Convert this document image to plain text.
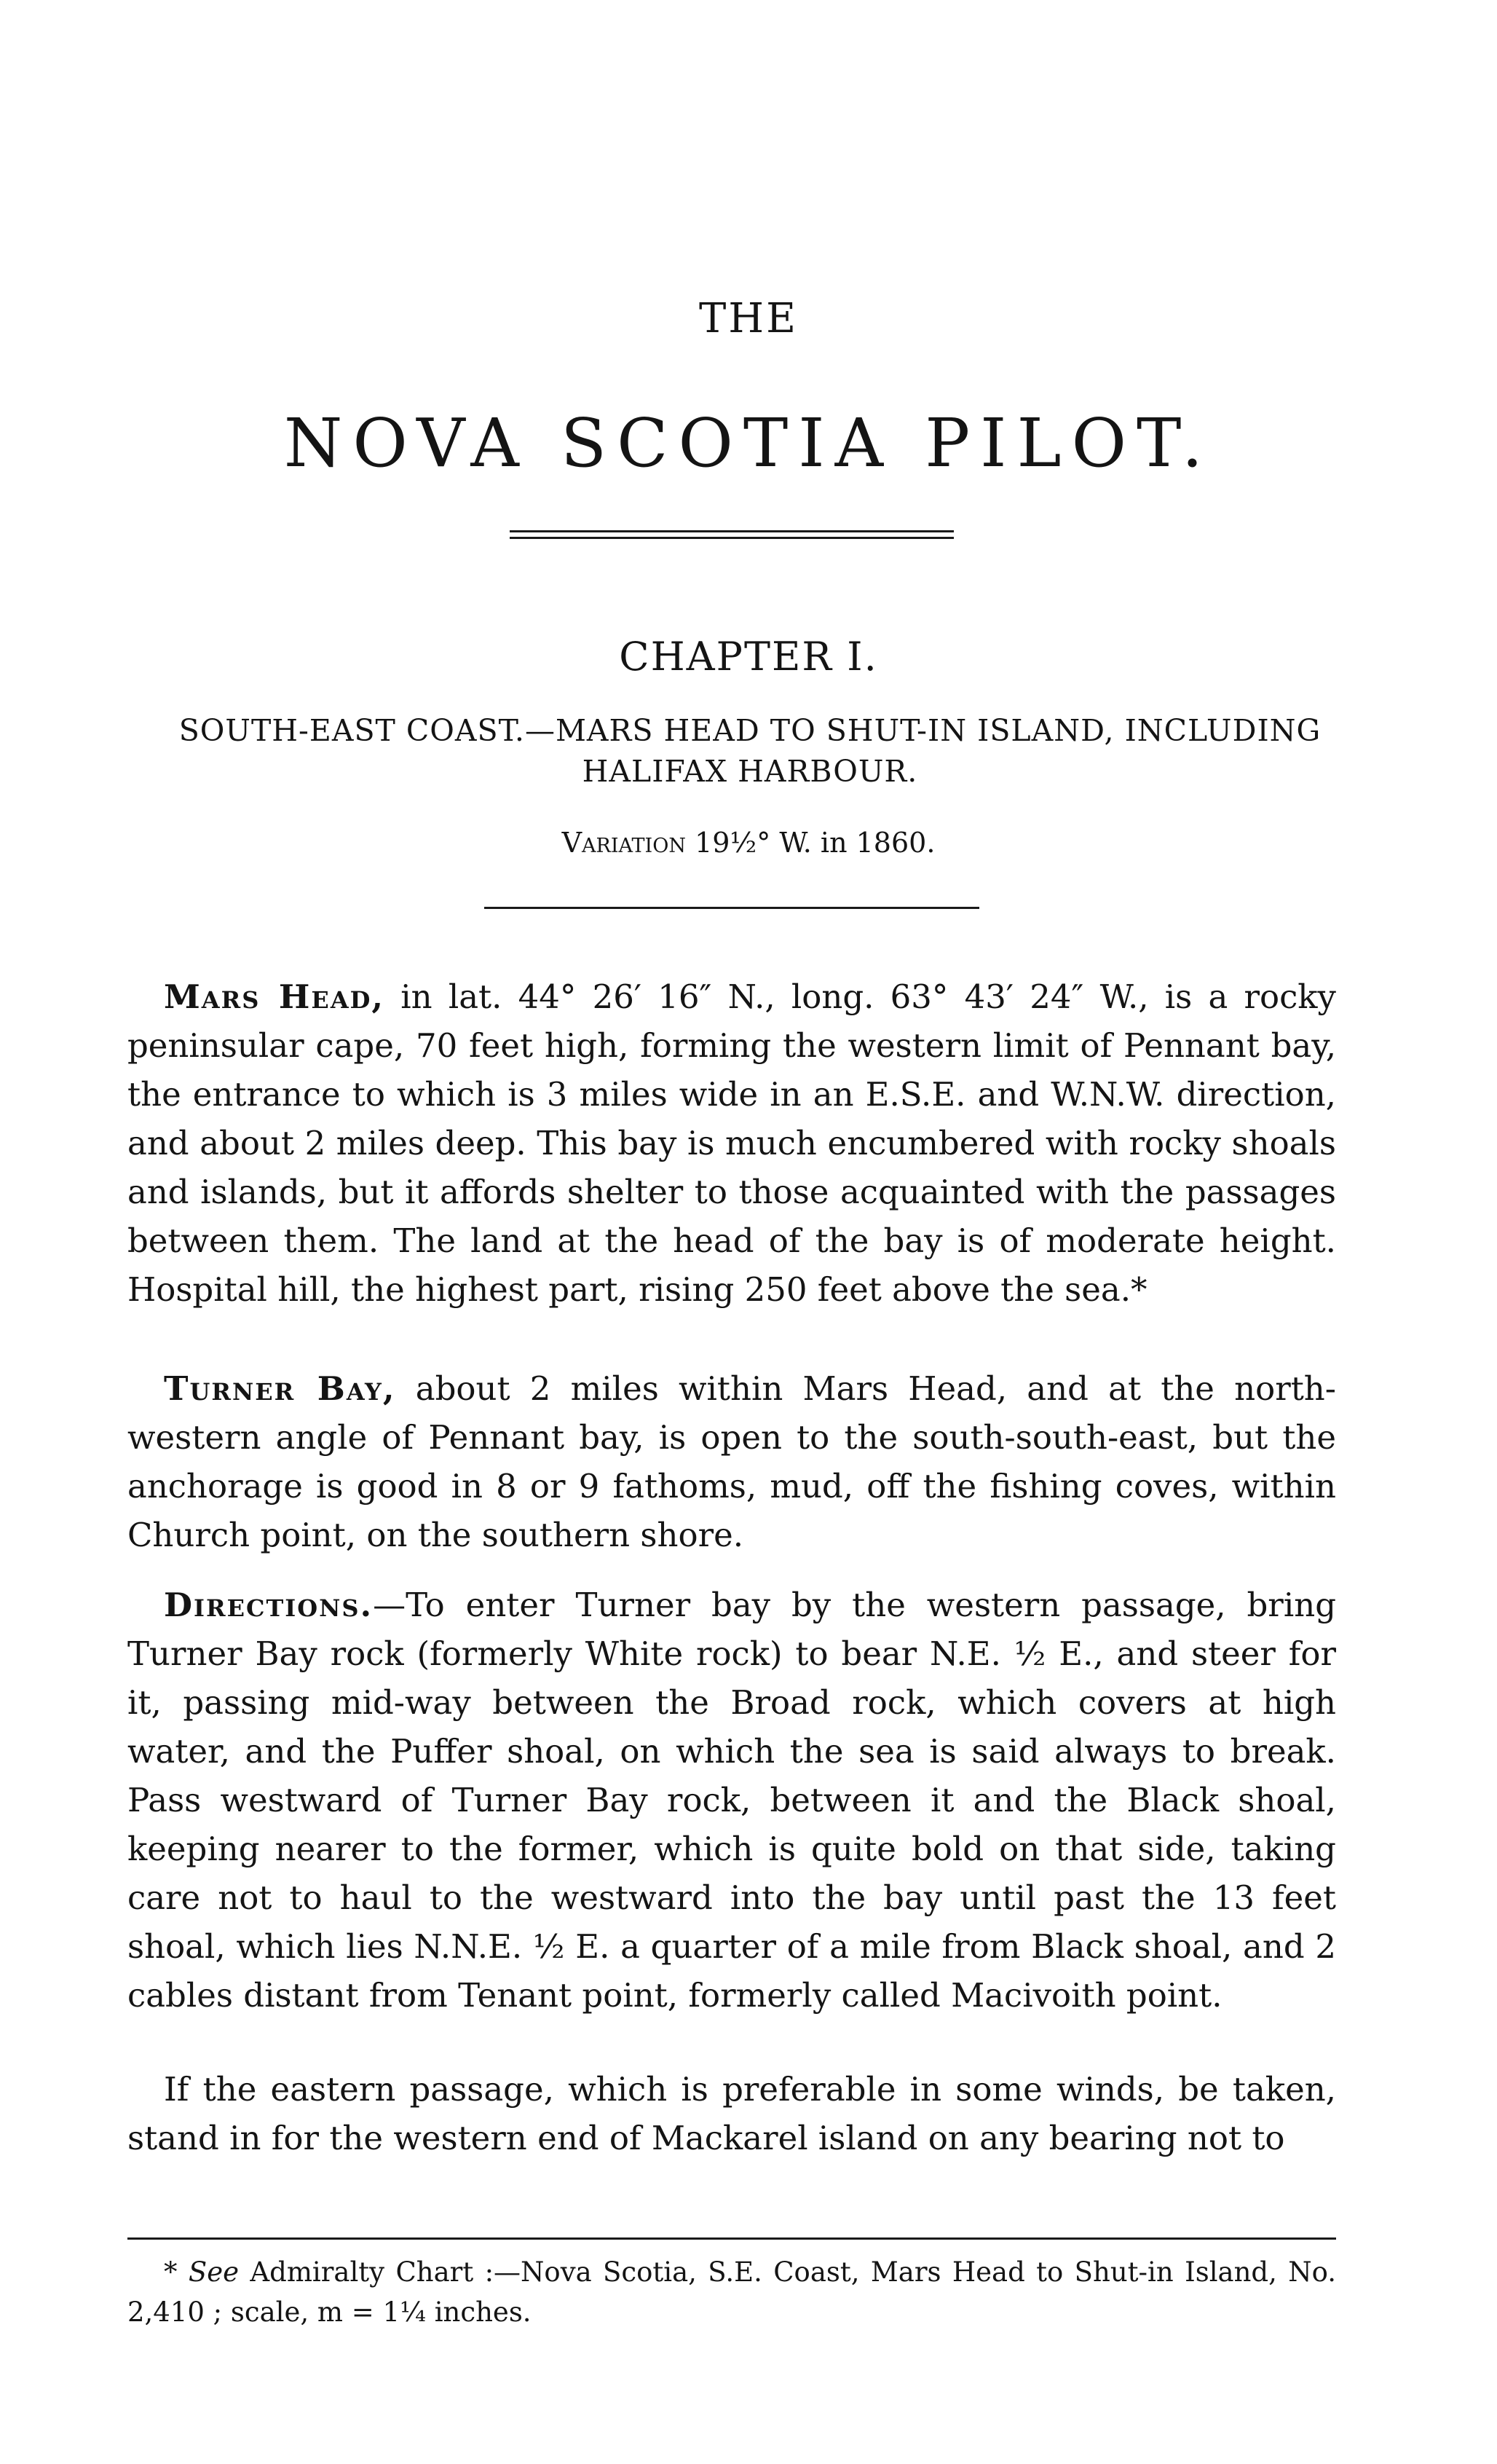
THE
NOVA SCOTIA PILOT.
CHAPTER I.
SOUTH-EAST COAST.—MARS HEAD TO SHUT-IN ISLAND, INCLUDING HALIFAX HARBOUR.
Variation 19½° W. in 1860.

Mars Head, in lat. 44° 26′ 16″ N., long. 63° 43′ 24″ W., is a rocky peninsular cape, 70 feet high, forming the western limit of Pennant bay, the entrance to which is 3 miles wide in an E.S.E. and W.N.W. direction, and about 2 miles deep. This bay is much encumbered with rocky shoals and islands, but it affords shelter to those acquainted with the passages between them. The land at the head of the bay is of moderate height. Hospital hill, the highest part, rising 250 feet above the sea.*

Turner Bay, about 2 miles within Mars Head, and at the north-western angle of Pennant bay, is open to the south-south-east, but the anchorage is good in 8 or 9 fathoms, mud, off the fishing coves, within Church point, on the southern shore.

Directions.—To enter Turner bay by the western passage, bring Turner Bay rock (formerly White rock) to bear N.E. ½ E., and steer for it, passing mid-way between the Broad rock, which covers at high water, and the Puffer shoal, on which the sea is said always to break. Pass westward of Turner Bay rock, between it and the Black shoal, keeping nearer to the former, which is quite bold on that side, taking care not to haul to the westward into the bay until past the 13 feet shoal, which lies N.N.E. ½ E. a quarter of a mile from Black shoal, and 2 cables distant from Tenant point, formerly called Macivoith point.

If the eastern passage, which is preferable in some winds, be taken, stand in for the western end of Mackarel island on any bearing not to

* See Admiralty Chart :—Nova Scotia, S.E. Coast, Mars Head to Shut-in Island, No. 2,410 ; scale, m = 1¼ inches.
